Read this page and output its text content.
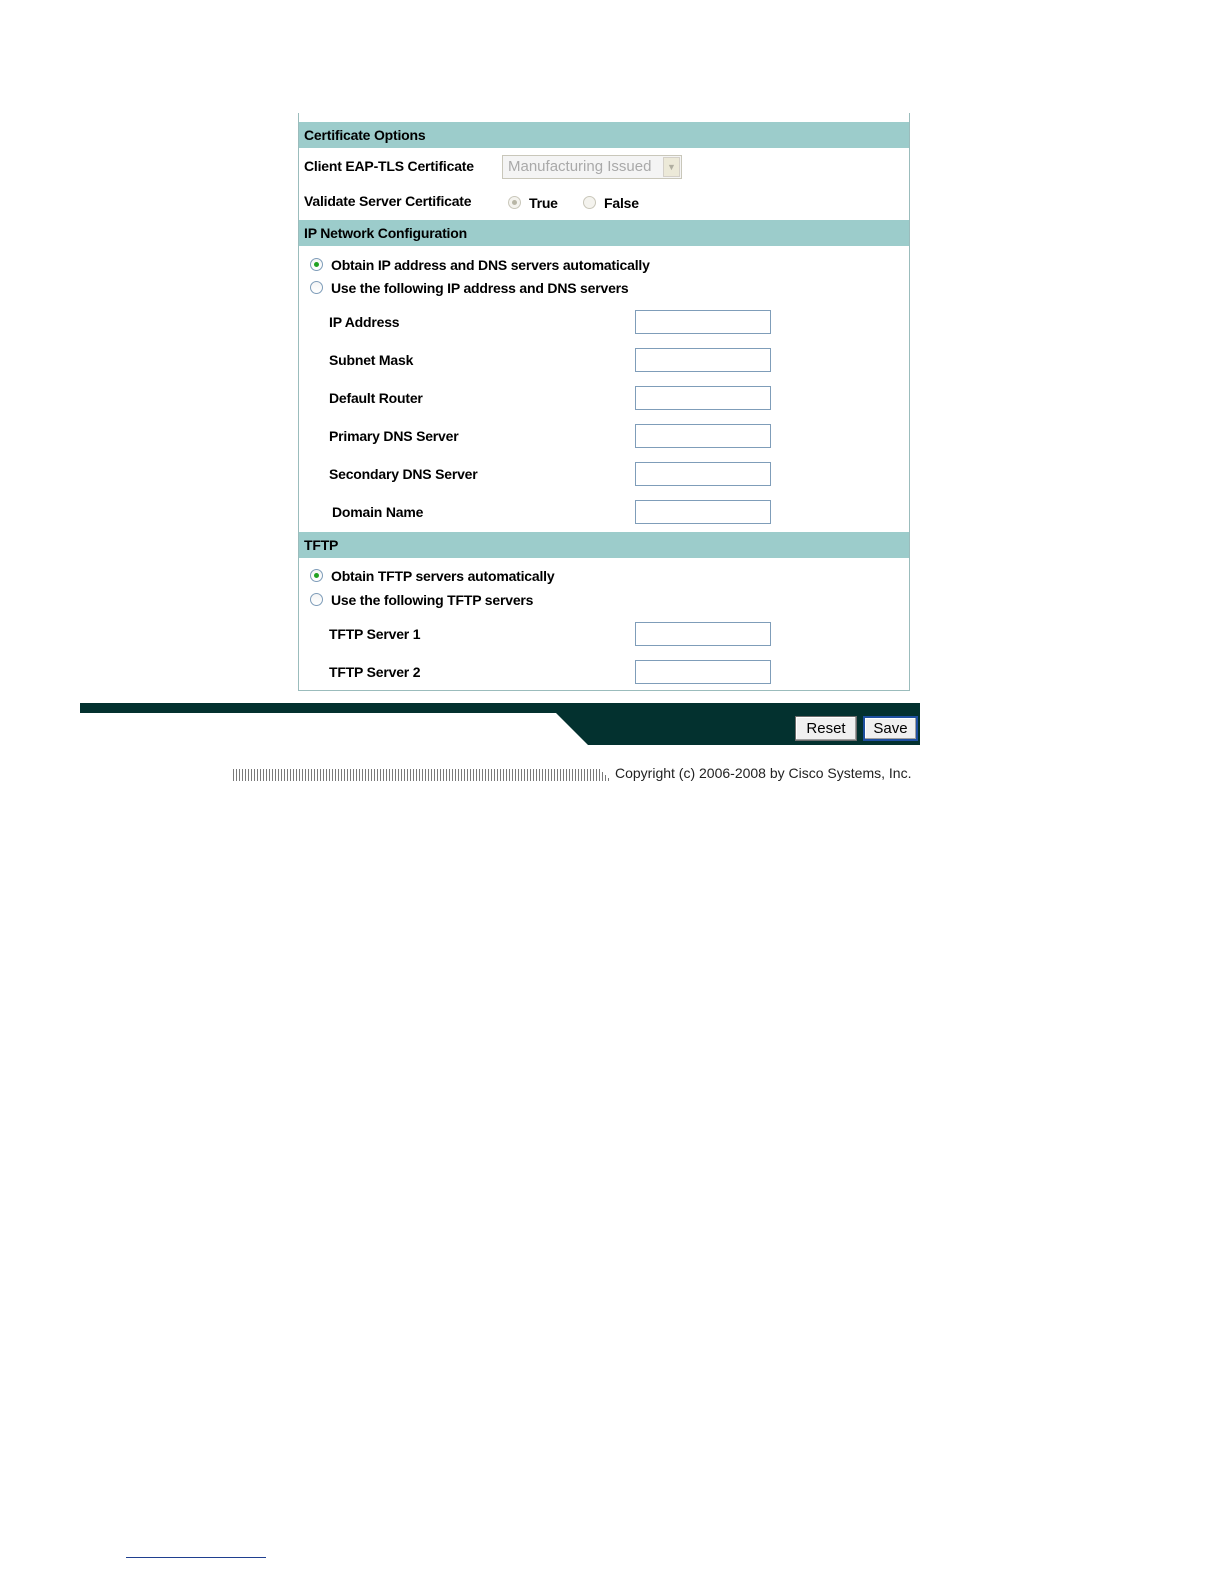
Certificate Options
Client EAP-TLS Certificate	Manufacturing Issued	▼
Validate Server Certificate	True	False
IP Network Configuration
Obtain IP address and DNS servers automatically
Use the following IP address and DNS servers
IP Address
Subnet Mask
Default Router
Primary DNS Server
Secondary DNS Server
Domain Name
TFTP
Obtain TFTP servers automatically
Use the following TFTP servers
TFTP Server 1
TFTP Server 2
Reset	Save
Copyright (c) 2006-2008 by Cisco Systems, Inc.
